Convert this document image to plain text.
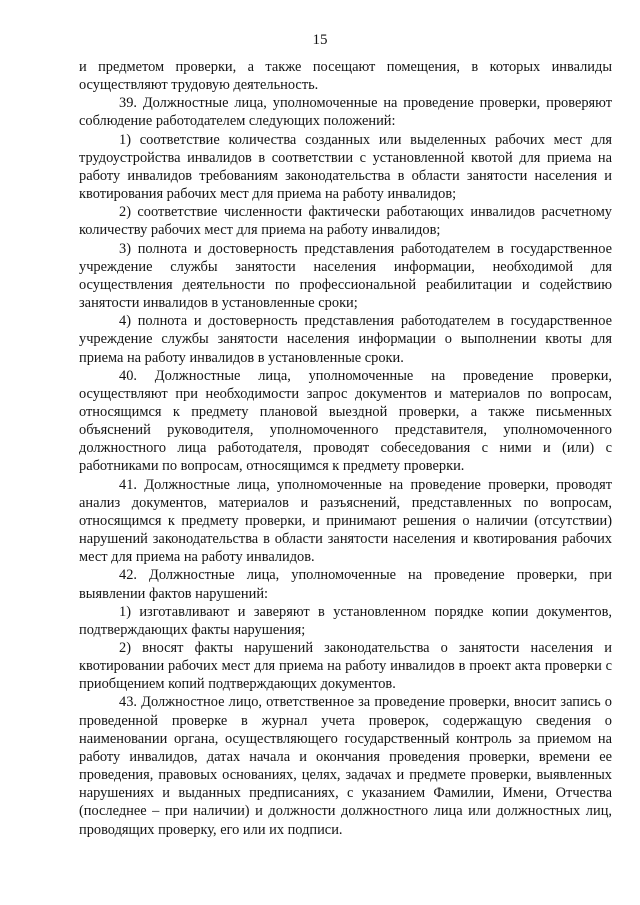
15

и предметом проверки, а также посещают помещения, в которых инвалиды осуществляют трудовую деятельность.

39. Должностные лица, уполномоченные на проведение проверки, проверяют соблюдение работодателем следующих положений:

1) соответствие количества созданных или выделенных рабочих мест для трудоустройства инвалидов в соответствии с установленной квотой для приема на работу инвалидов требованиям законодательства в области занятости населения и квотирования рабочих мест для приема на работу инвалидов;

2) соответствие численности фактически работающих инвалидов расчетному количеству рабочих мест для приема на работу инвалидов;

3) полнота и достоверность представления работодателем в государственное учреждение службы занятости населения информации, необходимой для осуществления деятельности по профессиональной реабилитации и содействию занятости инвалидов в установленные сроки;

4) полнота и достоверность представления работодателем в государственное учреждение службы занятости населения информации о выполнении квоты для приема на работу инвалидов в установленные сроки.

40. Должностные лица, уполномоченные на проведение проверки, осуществляют при необходимости запрос документов и материалов по вопросам, относящимся к предмету плановой выездной проверки, а также письменных объяснений руководителя, уполномоченного представителя, уполномоченного должностного лица работодателя, проводят собеседования с ними и (или) с работниками по вопросам, относящимся к предмету проверки.

41. Должностные лица, уполномоченные на проведение проверки, проводят анализ документов, материалов и разъяснений, представленных по вопросам, относящимся к предмету проверки, и принимают решения о наличии (отсутствии) нарушений законодательства в области занятости населения и квотирования рабочих мест для приема на работу инвалидов.

42. Должностные лица, уполномоченные на проведение проверки, при выявлении фактов нарушений:

1) изготавливают и заверяют в установленном порядке копии документов, подтверждающих факты нарушения;

2) вносят факты нарушений законодательства о занятости населения и квотировании рабочих мест для приема на работу инвалидов в проект акта проверки с приобщением копий подтверждающих документов.

43. Должностное лицо, ответственное за проведение проверки, вносит запись о проведенной проверке в журнал учета проверок, содержащую сведения о наименовании органа, осуществляющего государственный контроль за приемом на работу инвалидов, датах начала и окончания проведения проверки, времени ее проведения, правовых основаниях, целях, задачах и предмете проверки, выявленных нарушениях и выданных предписаниях, с указанием Фамилии, Имени, Отчества (последнее – при наличии) и должности должностного лица или должностных лиц, проводящих проверку, его или их подписи.
